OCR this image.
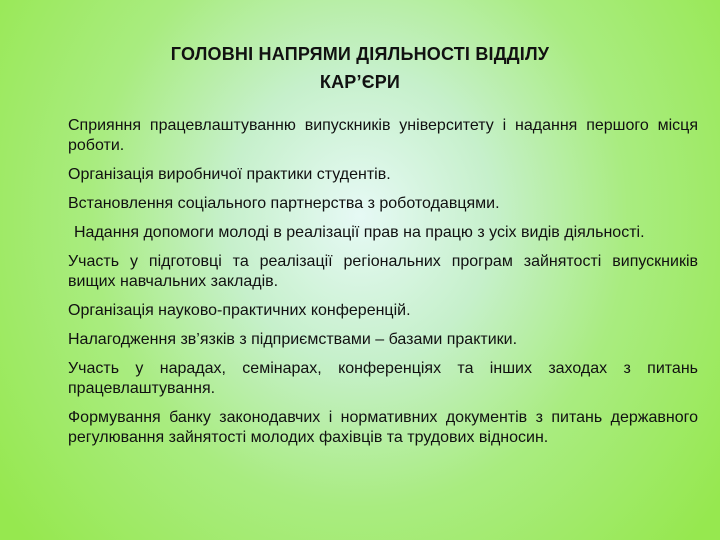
ГОЛОВНІ НАПРЯМИ ДІЯЛЬНОСТІ ВІДДІЛУ
КАР’ЄРИ
Сприяння працевлаштуванню випускників університету і надання першого місця роботи.
Організація виробничої практики студентів.
Встановлення соціального партнерства з роботодавцями.
Надання допомоги молоді в реалізації прав на працю з усіх видів діяльності.
Участь у підготовці та реалізації регіональних програм зайнятості випускників вищих навчальних закладів.
Організація науково-практичних конференцій.
Налагодження зв’язків з підприємствами – базами практики.
Участь у нарадах, семінарах, конференціях та інших заходах з питань працевлаштування.
Формування банку законодавчих і нормативних документів з питань державного регулювання зайнятості молодих фахівців та трудових відносин.
